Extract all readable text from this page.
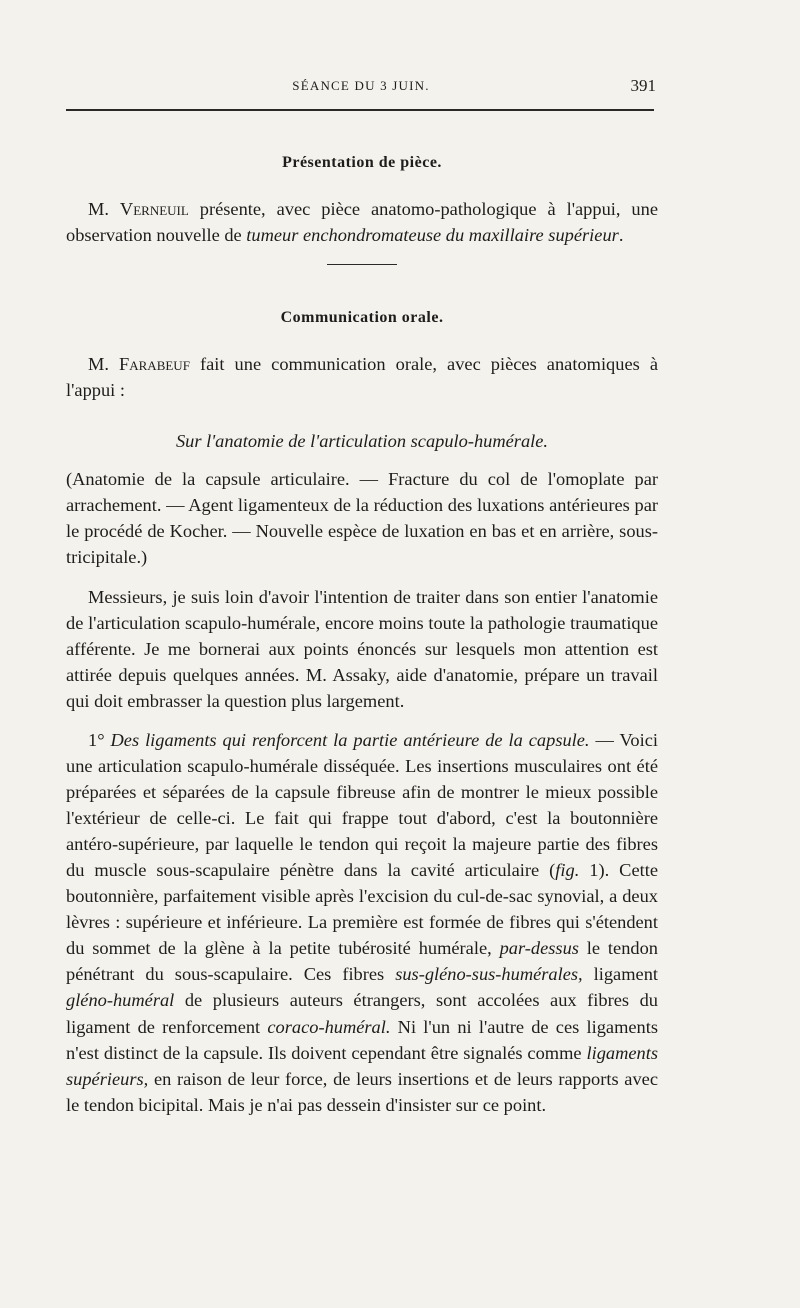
SÉANCE DU 3 JUIN.	391
Présentation de pièce.

M. Verneuil présente, avec pièce anatomo-pathologique à l'appui, une observation nouvelle de tumeur enchondromateuse du maxillaire supérieur.

Communication orale.

M. Farabeuf fait une communication orale, avec pièces anatomiques à l'appui :

Sur l'anatomie de l'articulation scapulo-humérale.

(Anatomie de la capsule articulaire. — Fracture du col de l'omoplate par arrachement. — Agent ligamenteux de la réduction des luxations antérieures par le procédé de Kocher. — Nouvelle espèce de luxation en bas et en arrière, sous-tricipitale.)

Messieurs, je suis loin d'avoir l'intention de traiter dans son entier l'anatomie de l'articulation scapulo-humérale, encore moins toute la pathologie traumatique afférente. Je me bornerai aux points énoncés sur lesquels mon attention est attirée depuis quelques années. M. Assaky, aide d'anatomie, prépare un travail qui doit embrasser la question plus largement.

1° Des ligaments qui renforcent la partie antérieure de la capsule. — Voici une articulation scapulo-humérale disséquée. Les insertions musculaires ont été préparées et séparées de la capsule fibreuse afin de montrer le mieux possible l'extérieur de celle-ci. Le fait qui frappe tout d'abord, c'est la boutonnière antéro-supérieure, par laquelle le tendon qui reçoit la majeure partie des fibres du muscle sous-scapulaire pénètre dans la cavité articulaire (fig. 1). Cette boutonnière, parfaitement visible après l'excision du cul-de-sac synovial, a deux lèvres : supérieure et inférieure. La première est formée de fibres qui s'étendent du sommet de la glène à la petite tubérosité humérale, par-dessus le tendon pénétrant du sous-scapulaire. Ces fibres sus-gléno-sus-humérales, ligament gléno-huméral de plusieurs auteurs étrangers, sont accolées aux fibres du ligament de renforcement coraco-huméral. Ni l'un ni l'autre de ces ligaments n'est distinct de la capsule. Ils doivent cependant être signalés comme ligaments supérieurs, en raison de leur force, de leurs insertions et de leurs rapports avec le tendon bicipital. Mais je n'ai pas dessein d'insister sur ce point.
